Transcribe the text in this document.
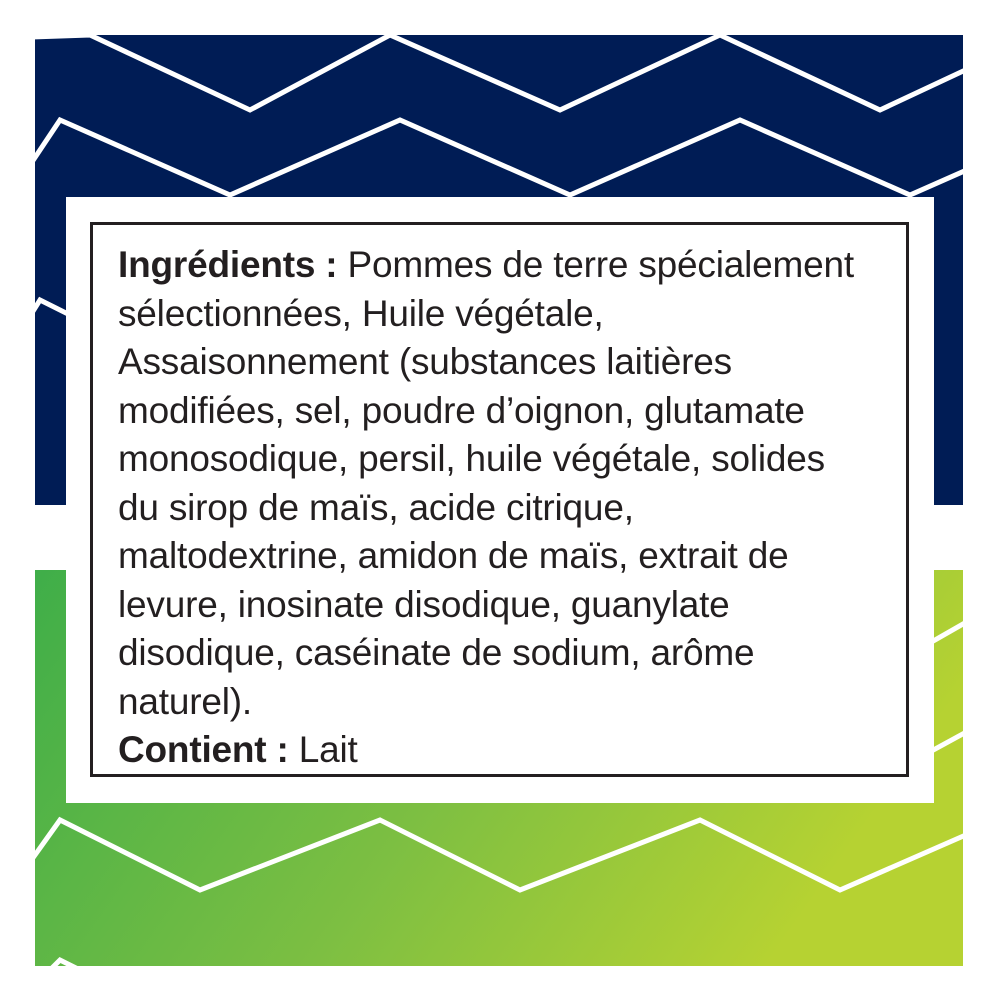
Ingrédients : Pommes de terre spécialement sélectionnées, Huile végétale, Assaisonnement (substances laitières modifiées, sel, poudre d’oignon, glutamate monosodique, persil, huile végétale, solides du sirop de maïs, acide citrique, maltodextrine, amidon de maïs, extrait de levure, inosinate disodique, guanylate disodique, caséinate de sodium, arôme naturel).

Contient : Lait
